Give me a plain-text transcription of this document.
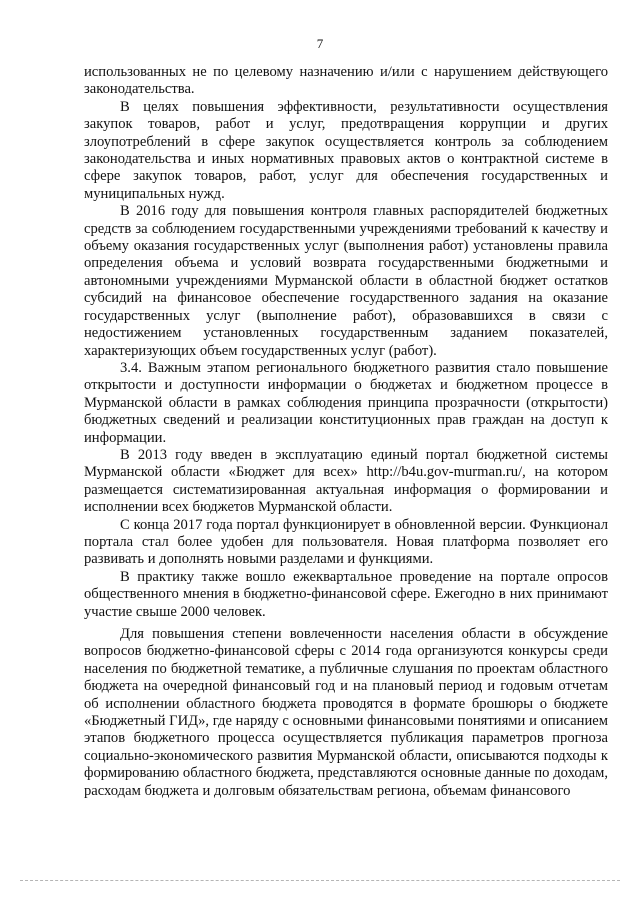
7

использованных не по целевому назначению и/или с нарушением действующего законодательства.

В целях повышения эффективности, результативности осуществления закупок товаров, работ и услуг, предотвращения коррупции и других злоупотреблений в сфере закупок осуществляется контроль за соблюдением законодательства и иных нормативных правовых актов о контрактной системе в сфере закупок товаров, работ, услуг для обеспечения государственных и муниципальных нужд.

В 2016 году для повышения контроля главных распорядителей бюджетных средств за соблюдением государственными учреждениями требований к качеству и объему оказания государственных услуг (выполнения работ) установлены правила определения объема и условий возврата государственными бюджетными и автономными учреждениями Мурманской области в областной бюджет остатков субсидий на финансовое обеспечение государственного задания на оказание государственных услуг (выполнение работ), образовавшихся в связи с недостижением установленных государственным заданием показателей, характеризующих объем государственных услуг (работ).

3.4. Важным этапом регионального бюджетного развития стало повышение открытости и доступности информации о бюджетах и бюджетном процессе в Мурманской области в рамках соблюдения принципа прозрачности (открытости) бюджетных сведений и реализации конституционных прав граждан на доступ к информации.

В 2013 году введен в эксплуатацию единый портал бюджетной системы Мурманской области «Бюджет для всех» http://b4u.gov-murman.ru/, на котором размещается систематизированная актуальная информация о формировании и исполнении всех бюджетов Мурманской области.

С конца 2017 года портал функционирует в обновленной версии. Функционал портала стал более удобен для пользователя. Новая платформа позволяет его развивать и дополнять новыми разделами и функциями.

В практику также вошло ежеквартальное проведение на портале опросов общественного мнения в бюджетно-финансовой сфере. Ежегодно в них принимают участие свыше 2000 человек.

Для повышения степени вовлеченности населения области в обсуждение вопросов бюджетно-финансовой сферы с 2014 года организуются конкурсы среди населения по бюджетной тематике, а публичные слушания по проектам областного бюджета на очередной финансовый год и на плановый период и годовым отчетам об исполнении областного бюджета проводятся в формате брошюры о бюджете «Бюджетный ГИД», где наряду с основными финансовыми понятиями и описанием этапов бюджетного процесса осуществляется публикация параметров прогноза социально-экономического развития Мурманской области, описываются подходы к формированию областного бюджета, представляются основные данные по доходам, расходам бюджета и долговым обязательствам региона, объемам финансового
